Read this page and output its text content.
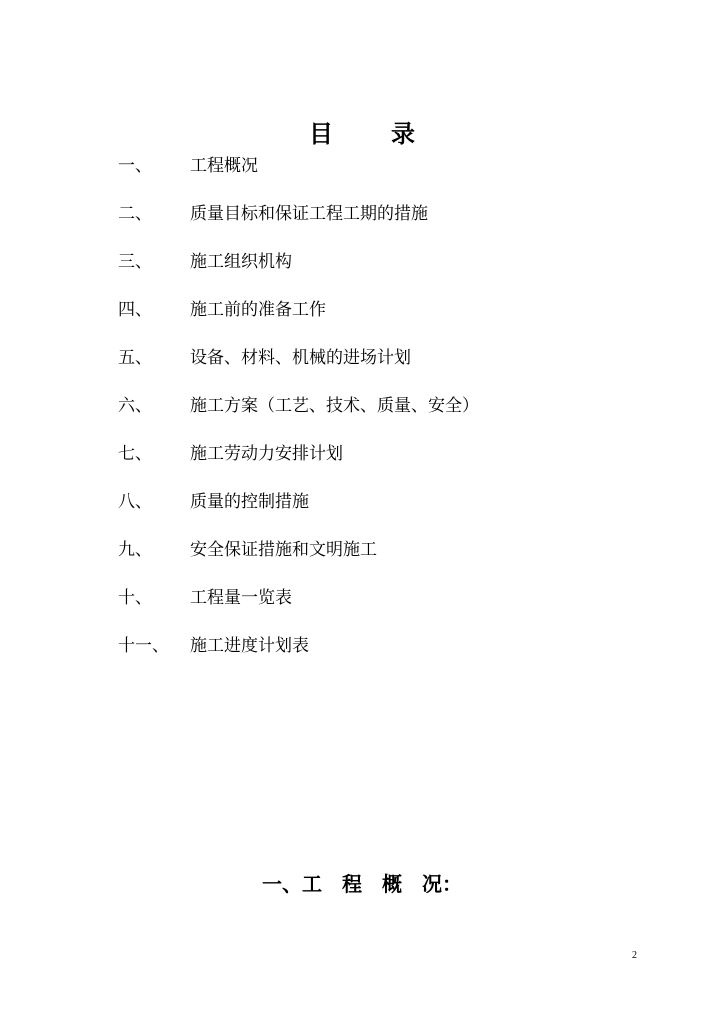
目 录
一、	工程概况
二、	质量目标和保证工程工期的措施
三、	施工组织机构
四、	施工前的准备工作
五、	设备、材料、机械的进场计划
六、	施工方案（工艺、技术、质量、安全）
七、	施工劳动力安排计划
八、	质量的控制措施
九、	安全保证措施和文明施工
十、	工程量一览表
十一、	施工进度计划表
一、工　程　概　况：
2
